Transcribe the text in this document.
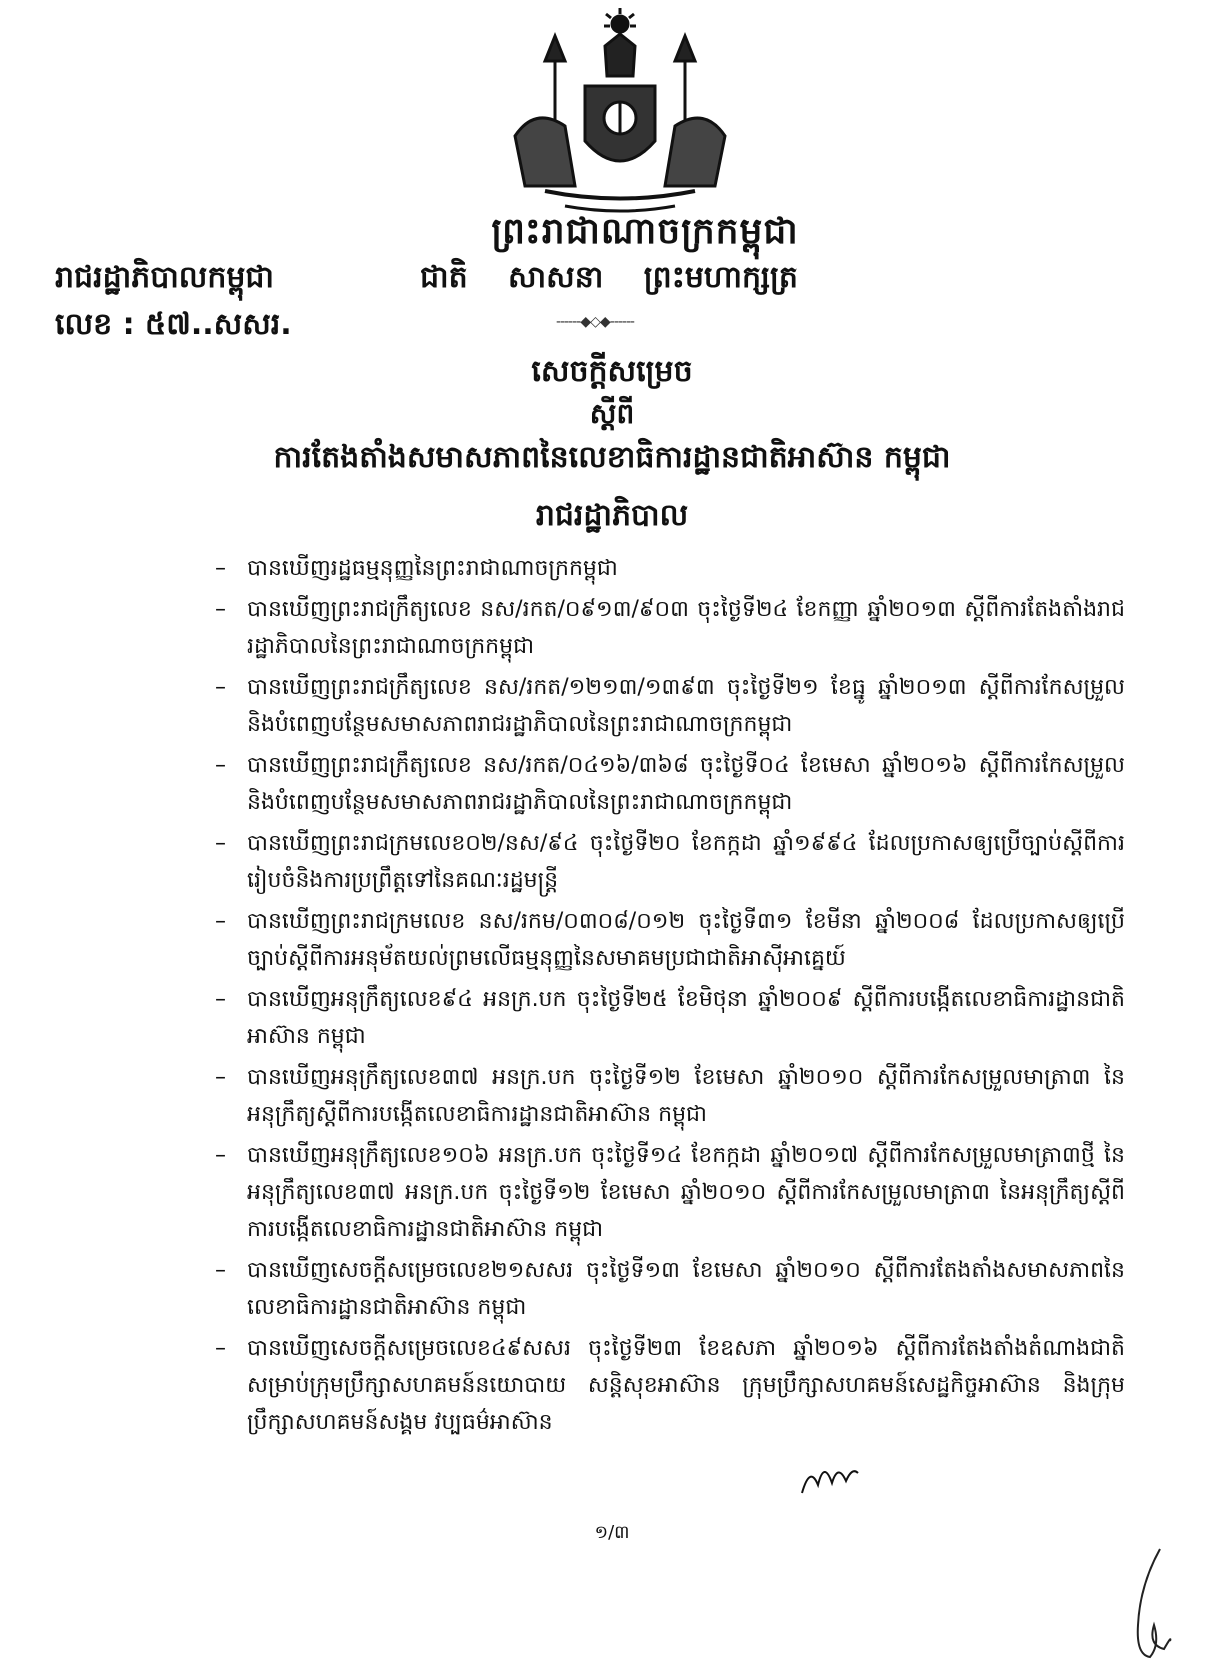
ព្រះរាជាណាចក្រកម្ពុជា
រាជរដ្ឋាភិបាលកម្ពុជា	ជាតិ សាសនា ព្រះមហាក្សត្រ
លេខ : ៥៧..សសរ.	------◆◇◆------
សេចក្តីសម្រេច
ស្តីពី
ការតែងតាំងសមាសភាពនៃលេខាធិការដ្ឋានជាតិអាស៊ាន កម្ពុជា
រាជរដ្ឋាភិបាល
– បានឃើញរដ្ឋធម្មនុញ្ញនៃព្រះរាជាណាចក្រកម្ពុជា
– បានឃើញព្រះរាជក្រឹត្យលេខ នស/រកត/០៩១៣/៩០៣ ចុះថ្ងៃទី២៤ ខែកញ្ញា ឆ្នាំ២០១៣ ស្តីពីការតែងតាំងរាជរដ្ឋាភិបាលនៃព្រះរាជាណាចក្រកម្ពុជា
– បានឃើញព្រះរាជក្រឹត្យលេខ នស/រកត/១២១៣/១៣៩៣ ចុះថ្ងៃទី២១ ខែធ្នូ ឆ្នាំ២០១៣ ស្តីពីការកែសម្រួលនិងបំពេញបន្ថែមសមាសភាពរាជរដ្ឋាភិបាលនៃព្រះរាជាណាចក្រកម្ពុជា
– បានឃើញព្រះរាជក្រឹត្យលេខ នស/រកត/០៤១៦/៣៦៨ ចុះថ្ងៃទី០៤ ខែមេសា ឆ្នាំ២០១៦ ស្តីពីការកែសម្រួលនិងបំពេញបន្ថែមសមាសភាពរាជរដ្ឋាភិបាលនៃព្រះរាជាណាចក្រកម្ពុជា
– បានឃើញព្រះរាជក្រមលេខ០២/នស/៩៤ ចុះថ្ងៃទី២០ ខែកក្កដា ឆ្នាំ១៩៩៤ ដែលប្រកាសឲ្យប្រើច្បាប់ស្តីពីការរៀបចំនិងការប្រព្រឹត្តទៅនៃគណៈរដ្ឋមន្ត្រី
– បានឃើញព្រះរាជក្រមលេខ នស/រកម/០៣០៨/០១២ ចុះថ្ងៃទី៣១ ខែមីនា ឆ្នាំ២០០៨ ដែលប្រកាសឲ្យប្រើច្បាប់ស្តីពីការអនុម័តយល់ព្រមលើធម្មនុញ្ញនៃសមាគមប្រជាជាតិអាស៊ីអាគ្នេយ៍
– បានឃើញអនុក្រឹត្យលេខ៩៤ អនក្រ.បក ចុះថ្ងៃទី២៥ ខែមិថុនា ឆ្នាំ២០០៩ ស្តីពីការបង្កើតលេខាធិការដ្ឋានជាតិអាស៊ាន កម្ពុជា
– បានឃើញអនុក្រឹត្យលេខ៣៧ អនក្រ.បក ចុះថ្ងៃទី១២ ខែមេសា ឆ្នាំ២០១០ ស្តីពីការកែសម្រួលមាត្រា៣ នៃអនុក្រឹត្យស្តីពីការបង្កើតលេខាធិការដ្ឋានជាតិអាស៊ាន កម្ពុជា
– បានឃើញអនុក្រឹត្យលេខ១០៦ អនក្រ.បក ចុះថ្ងៃទី១៤ ខែកក្កដា ឆ្នាំ២០១៧ ស្តីពីការកែសម្រួលមាត្រា៣ថ្មី នៃអនុក្រឹត្យលេខ៣៧ អនក្រ.បក ចុះថ្ងៃទី១២ ខែមេសា ឆ្នាំ២០១០ ស្តីពីការកែសម្រួលមាត្រា៣ នៃអនុក្រឹត្យស្តីពីការបង្កើតលេខាធិការដ្ឋានជាតិអាស៊ាន កម្ពុជា
– បានឃើញសេចក្តីសម្រេចលេខ២១សសរ ចុះថ្ងៃទី១៣ ខែមេសា ឆ្នាំ២០១០ ស្តីពីការតែងតាំងសមាសភាពនៃលេខាធិការដ្ឋានជាតិអាស៊ាន កម្ពុជា
– បានឃើញសេចក្តីសម្រេចលេខ៤៩សសរ ចុះថ្ងៃទី២៣ ខែឧសភា ឆ្នាំ២០១៦ ស្តីពីការតែងតាំងតំណាងជាតិសម្រាប់ក្រុមប្រឹក្សាសហគមន៍នយោបាយ សន្តិសុខអាស៊ាន ក្រុមប្រឹក្សាសហគមន៍សេដ្ឋកិច្ចអាស៊ាន និងក្រុមប្រឹក្សាសហគមន៍សង្គម វប្បធម៌អាស៊ាន
១/៣
